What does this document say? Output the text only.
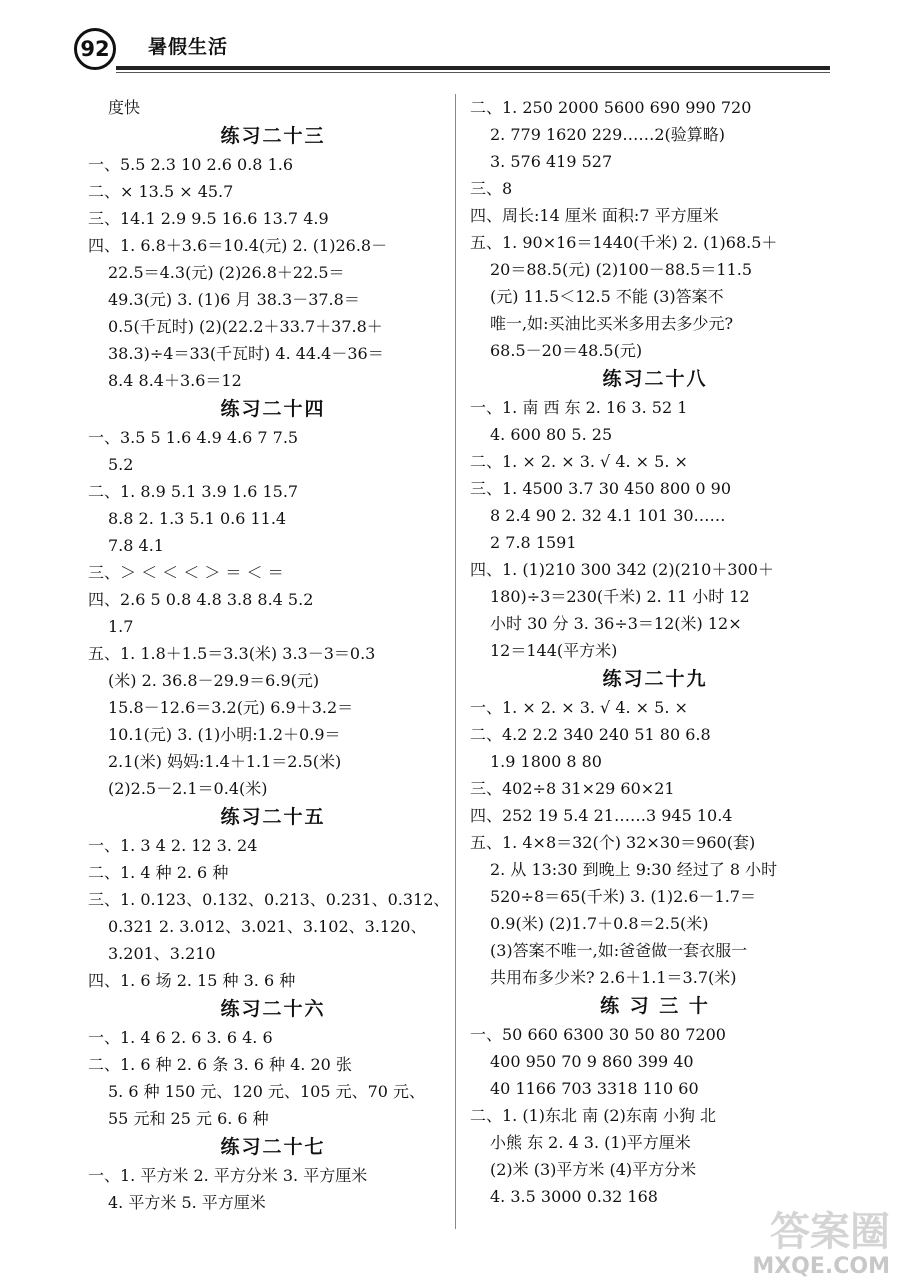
92 暑假生活
度快
练习二十三
一、5.5 2.3 10 2.6 0.8 1.6
二、× 13.5 × 45.7
三、14.1 2.9 9.5 16.6 13.7 4.9
四、1. 6.8＋3.6＝10.4(元) 2. (1)26.8－
22.5＝4.3(元) (2)26.8＋22.5＝
49.3(元) 3. (1)6 月 38.3－37.8＝
0.5(千瓦时) (2)(22.2＋33.7＋37.8＋
38.3)÷4＝33(千瓦时) 4. 44.4－36＝
8.4 8.4＋3.6＝12
练习二十四
一、3.5 5 1.6 4.9 4.6 7 7.5
5.2
二、1. 8.9 5.1 3.9 1.6 15.7
8.8 2. 1.3 5.1 0.6 11.4
7.8 4.1
三、＞ ＜ ＜ ＜ ＞ ＝ ＜ ＝
四、2.6 5 0.8 4.8 3.8 8.4 5.2
1.7
五、1. 1.8＋1.5＝3.3(米) 3.3－3＝0.3
(米) 2. 36.8－29.9＝6.9(元)
15.8－12.6＝3.2(元) 6.9＋3.2＝
10.1(元) 3. (1)小明:1.2＋0.9＝
2.1(米) 妈妈:1.4＋1.1＝2.5(米)
(2)2.5－2.1＝0.4(米)
练习二十五
一、1. 3 4 2. 12 3. 24
二、1. 4 种 2. 6 种
三、1. 0.123、0.132、0.213、0.231、0.312、
0.321 2. 3.012、3.021、3.102、3.120、
3.201、3.210
四、1. 6 场 2. 15 种 3. 6 种
练习二十六
一、1. 4 6 2. 6 3. 6 4. 6
二、1. 6 种 2. 6 条 3. 6 种 4. 20 张
5. 6 种 150 元、120 元、105 元、70 元、
55 元和 25 元 6. 6 种
练习二十七
一、1. 平方米 2. 平方分米 3. 平方厘米
4. 平方米 5. 平方厘米
二、1. 250 2000 5600 690 990 720
2. 779 1620 229……2(验算略)
3. 576 419 527
三、8
四、周长:14 厘米 面积:7 平方厘米
五、1. 90×16＝1440(千米) 2. (1)68.5＋
20＝88.5(元) (2)100－88.5＝11.5
(元) 11.5＜12.5 不能 (3)答案不
唯一,如:买油比买米多用去多少元?
68.5－20＝48.5(元)
练习二十八
一、1. 南 西 东 2. 16 3. 52 1
4. 600 80 5. 25
二、1. × 2. × 3. √ 4. × 5. ×
三、1. 4500 3.7 30 450 800 0 90
8 2.4 90 2. 32 4.1 101 30……
2 7.8 1591
四、1. (1)210 300 342 (2)(210＋300＋
180)÷3＝230(千米) 2. 11 小时 12
小时 30 分 3. 36÷3＝12(米) 12×
12＝144(平方米)
练习二十九
一、1. × 2. × 3. √ 4. × 5. ×
二、4.2 2.2 340 240 51 80 6.8
1.9 1800 8 80
三、402÷8 31×29 60×21
四、252 19 5.4 21……3 945 10.4
五、1. 4×8＝32(个) 32×30＝960(套)
2. 从 13:30 到晚上 9:30 经过了 8 小时
520÷8＝65(千米) 3. (1)2.6－1.7＝
0.9(米) (2)1.7＋0.8＝2.5(米)
(3)答案不唯一,如:爸爸做一套衣服一
共用布多少米? 2.6＋1.1＝3.7(米)
练 习 三 十
一、50 660 6300 30 50 80 7200
400 950 70 9 860 399 40
40 1166 703 3318 110 60
二、1. (1)东北 南 (2)东南 小狗 北
小熊 东 2. 4 3. (1)平方厘米
(2)米 (3)平方米 (4)平方分米
4. 3.5 3000 0.32 168
答案圈
MXQE.COM
